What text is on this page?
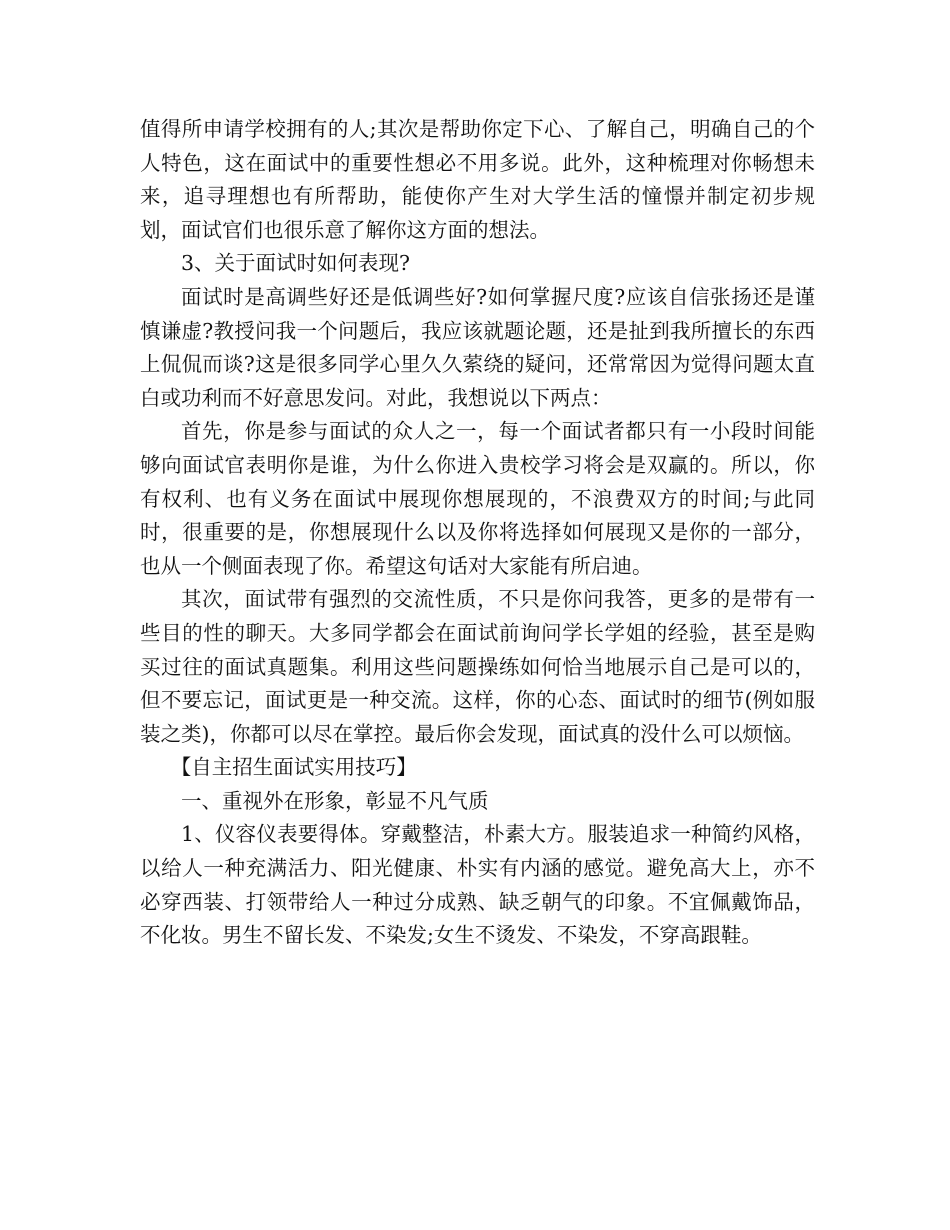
值得所申请学校拥有的人;其次是帮助你定下心、了解自己，明确自己的个人特色，这在面试中的重要性想必不用多说。此外，这种梳理对你畅想未来，追寻理想也有所帮助，能使你产生对大学生活的憧憬并制定初步规划，面试官们也很乐意了解你这方面的想法。

3、关于面试时如何表现?

面试时是高调些好还是低调些好?如何掌握尺度?应该自信张扬还是谨慎谦虚?教授问我一个问题后，我应该就题论题，还是扯到我所擅长的东西上侃侃而谈?这是很多同学心里久久萦绕的疑问，还常常因为觉得问题太直白或功利而不好意思发问。对此，我想说以下两点：

首先，你是参与面试的众人之一，每一个面试者都只有一小段时间能够向面试官表明你是谁，为什么你进入贵校学习将会是双赢的。所以，你有权利、也有义务在面试中展现你想展现的，不浪费双方的时间;与此同时，很重要的是，你想展现什么以及你将选择如何展现又是你的一部分，也从一个侧面表现了你。希望这句话对大家能有所启迪。

其次，面试带有强烈的交流性质，不只是你问我答，更多的是带有一些目的性的聊天。大多同学都会在面试前询问学长学姐的经验，甚至是购买过往的面试真题集。利用这些问题操练如何恰当地展示自己是可以的，但不要忘记，面试更是一种交流。这样，你的心态、面试时的细节(例如服装之类)，你都可以尽在掌控。最后你会发现，面试真的没什么可以烦恼。

【自主招生面试实用技巧】

一、重视外在形象，彰显不凡气质

1、仪容仪表要得体。穿戴整洁，朴素大方。服装追求一种简约风格，以给人一种充满活力、阳光健康、朴实有内涵的感觉。避免高大上，亦不必穿西装、打领带给人一种过分成熟、缺乏朝气的印象。不宜佩戴饰品，不化妆。男生不留长发、不染发;女生不烫发、不染发，不穿高跟鞋。
